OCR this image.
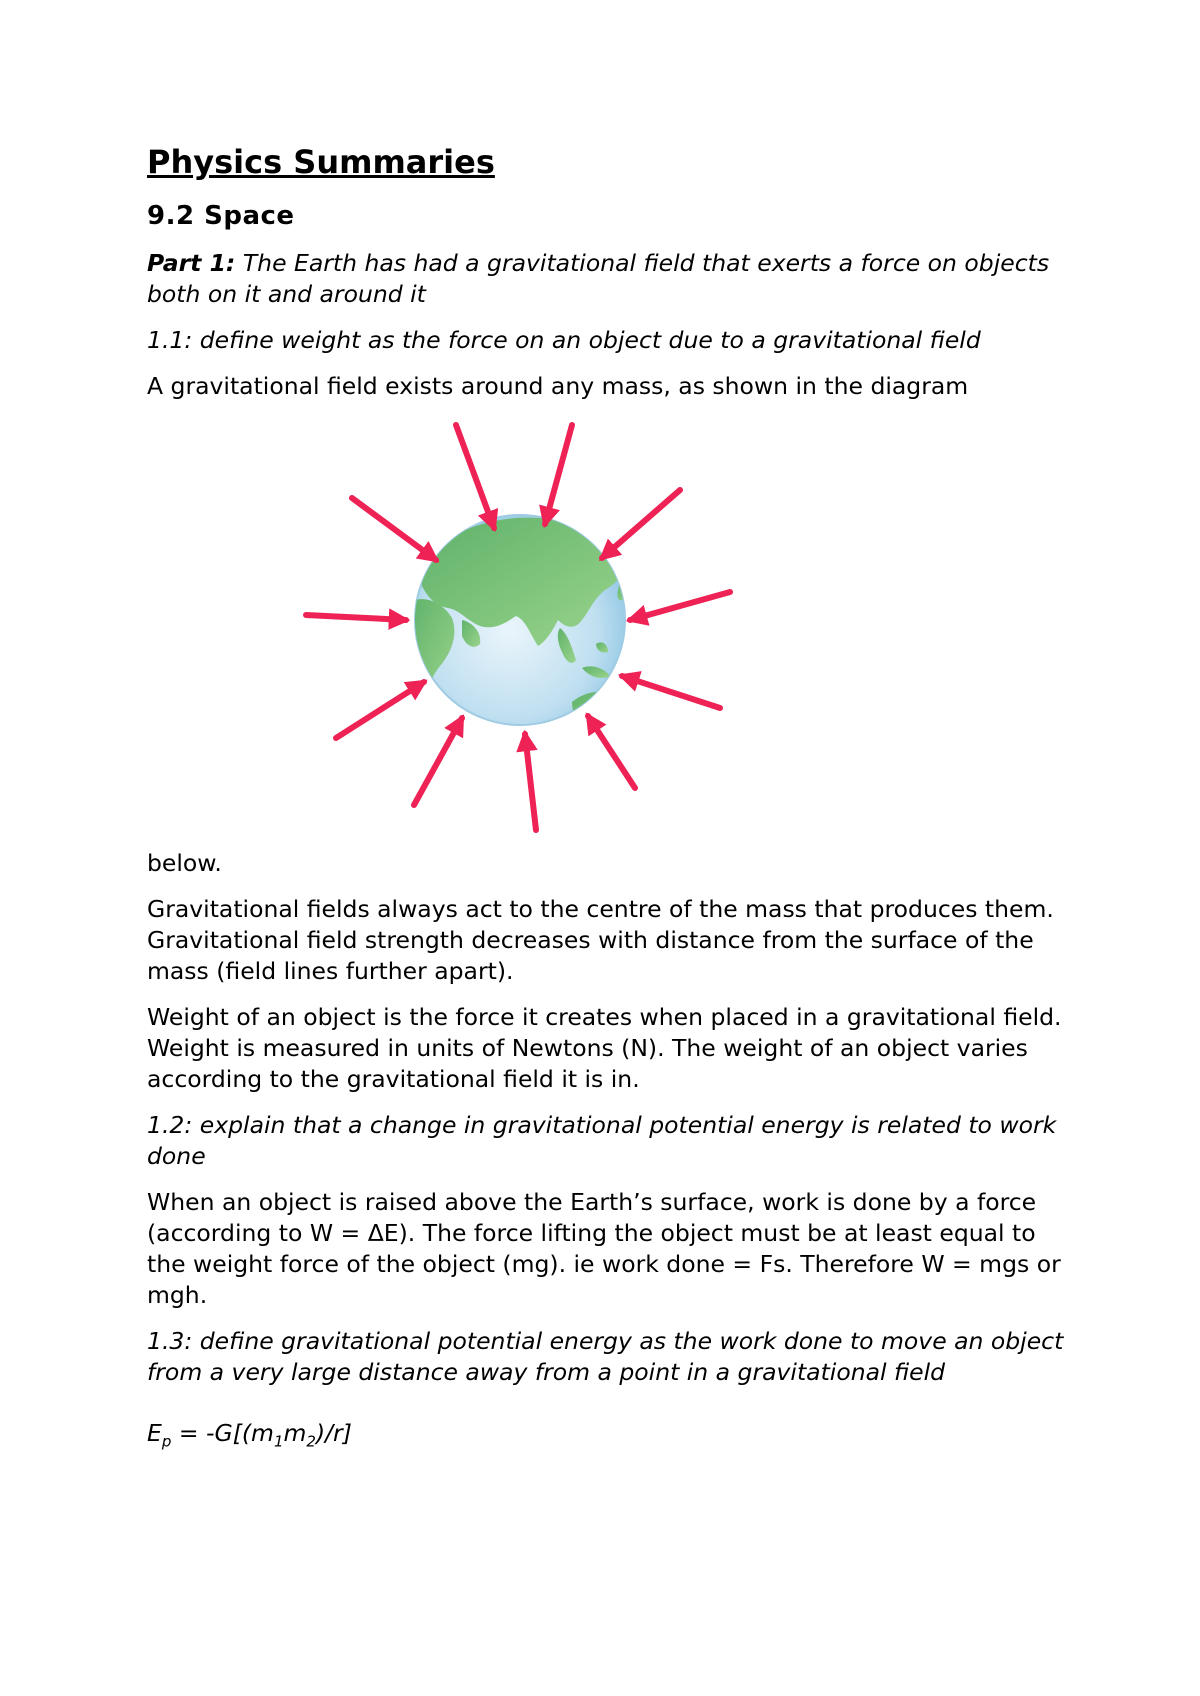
Physics Summaries
9.2 Space

Part 1: The Earth has had a gravitational field that exerts a force on objects both on it and around it

1.1: define weight as the force on an object due to a gravitational field

A gravitational field exists around any mass, as shown in the diagram

below.

Gravitational fields always act to the centre of the mass that produces them. Gravitational field strength decreases with distance from the surface of the mass (field lines further apart).

Weight of an object is the force it creates when placed in a gravitational field. Weight is measured in units of Newtons (N). The weight of an object varies according to the gravitational field it is in.

1.2: explain that a change in gravitational potential energy is related to work done

When an object is raised above the Earth’s surface, work is done by a force (according to W = ΔE). The force lifting the object must be at least equal to the weight force of the object (mg). ie work done = Fs. Therefore W = mgs or mgh.

1.3: define gravitational potential energy as the work done to move an object from a very large distance away from a point in a gravitational field

$E_p = -G[(m_1m_2)/r]$
